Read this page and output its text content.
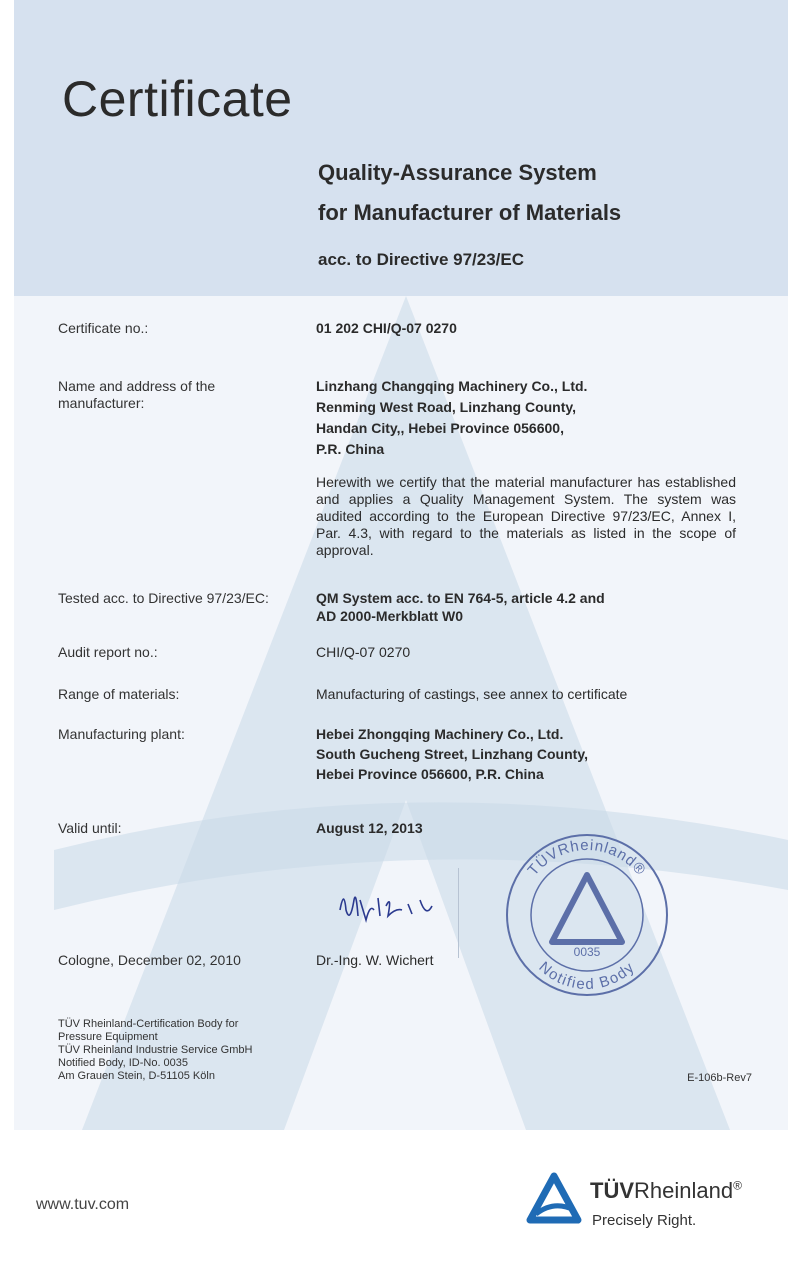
Certificate
Quality-Assurance System
for Manufacturer of Materials
acc. to Directive 97/23/EC
Certificate no.:	01 202 CHI/Q-07 0270
Name and address of the
manufacturer:
Linzhang Changqing Machinery Co., Ltd.
Renming West Road, Linzhang County,
Handan City,, Hebei Province 056600,
P.R. China
Herewith we certify that the material manufacturer has established and applies a Quality Management System. The system was audited according to the European Directive 97/23/EC, Annex I, Par. 4.3, with regard to the materials as listed in the scope of approval.
Tested acc. to Directive 97/23/EC:	QM System acc. to EN 764-5, article 4.2 and
AD 2000-Merkblatt W0
Audit report no.:	CHI/Q-07 0270
Range of materials:	Manufacturing of castings, see annex to certificate
Manufacturing plant:	Hebei Zhongqing Machinery Co., Ltd.
South Gucheng Street, Linzhang County,
Hebei Province 056600, P.R. China
Valid until:	August 12, 2013
Cologne, December 02, 2010	Dr.-Ing. W. Wichert
TÜVRheinland®
Notified Body
0035
TÜV Rheinland-Certification Body for
Pressure Equipment
TÜV Rheinland Industrie Service GmbH
Notified Body, ID-No. 0035
Am Grauen Stein, D-51105 Köln	E-106b-Rev7
www.tuv.com
TÜVRheinland®
Precisely Right.
